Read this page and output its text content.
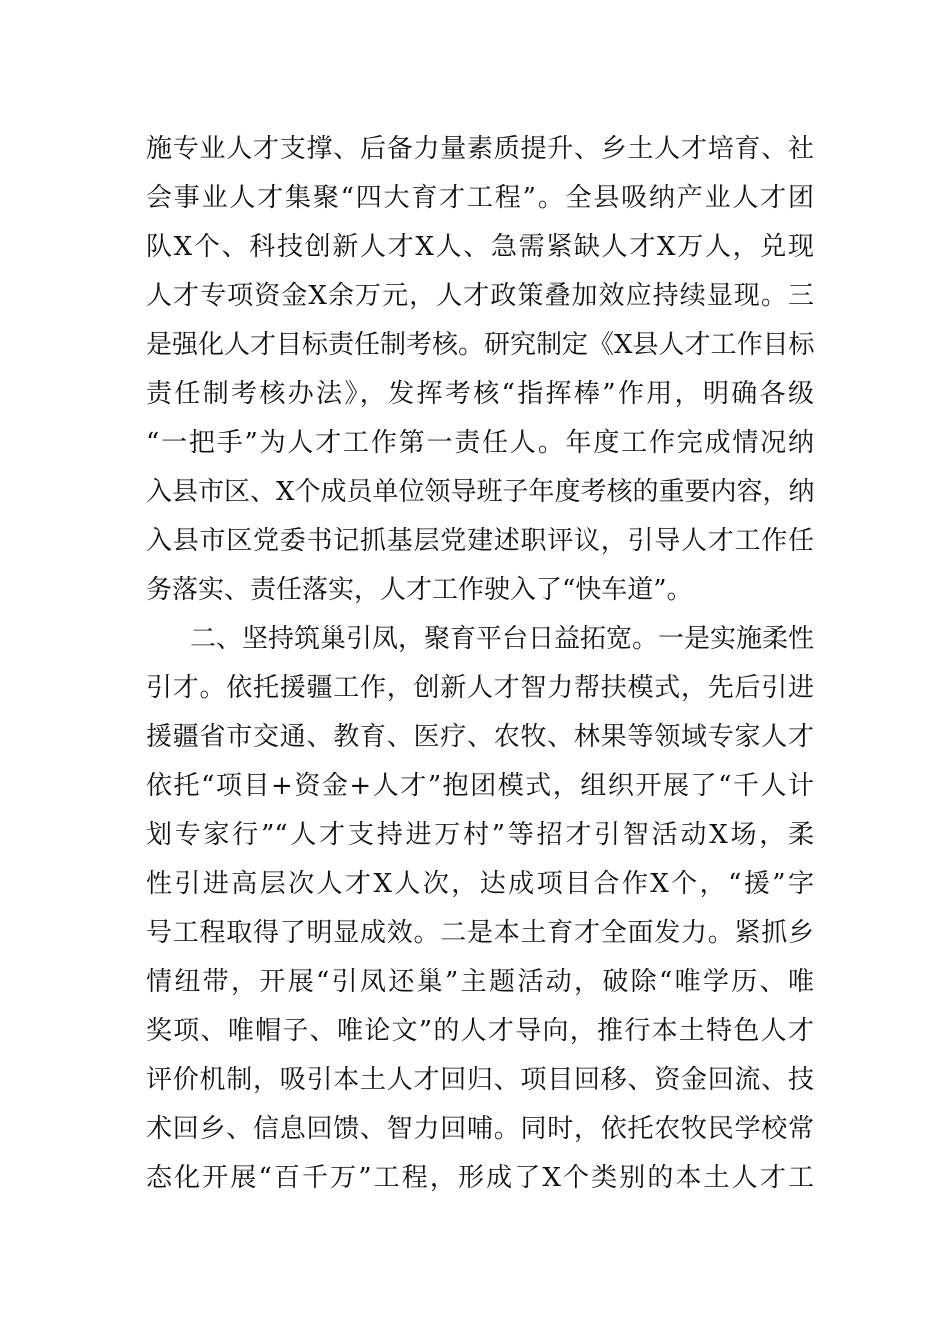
施专业人才支撑、后备力量素质提升、乡土人才培育、社
会事业人才集聚“四大育才工程”。全县吸纳产业人才团
队X个、科技创新人才X人、急需紧缺人才X万人，兑现
人才专项资金X余万元，人才政策叠加效应持续显现。三
是强化人才目标责任制考核。研究制定《X县人才工作目标
责任制考核办法》，发挥考核“指挥棒”作用，明确各级
“一把手”为人才工作第一责任人。年度工作完成情况纳
入县市区、X个成员单位领导班子年度考核的重要内容，纳
入县市区党委书记抓基层党建述职评议，引导人才工作任
务落实、责任落实，人才工作驶入了“快车道”。
二、坚持筑巢引凤，聚育平台日益拓宽。一是实施柔性
引才。依托援疆工作，创新人才智力帮扶模式，先后引进
援疆省市交通、教育、医疗、农牧、林果等领域专家人才
依托“项目+资金+人才”抱团模式，组织开展了“千人计
划专家行”“人才支持进万村”等招才引智活动X场，柔
性引进高层次人才X人次，达成项目合作X个，“援”字
号工程取得了明显成效。二是本土育才全面发力。紧抓乡
情纽带，开展“引凤还巢”主题活动，破除“唯学历、唯
奖项、唯帽子、唯论文”的人才导向，推行本土特色人才
评价机制，吸引本土人才回归、项目回移、资金回流、技
术回乡、信息回馈、智力回哺。同时，依托农牧民学校常
态化开展“百千万”工程，形成了X个类别的本土人才工
